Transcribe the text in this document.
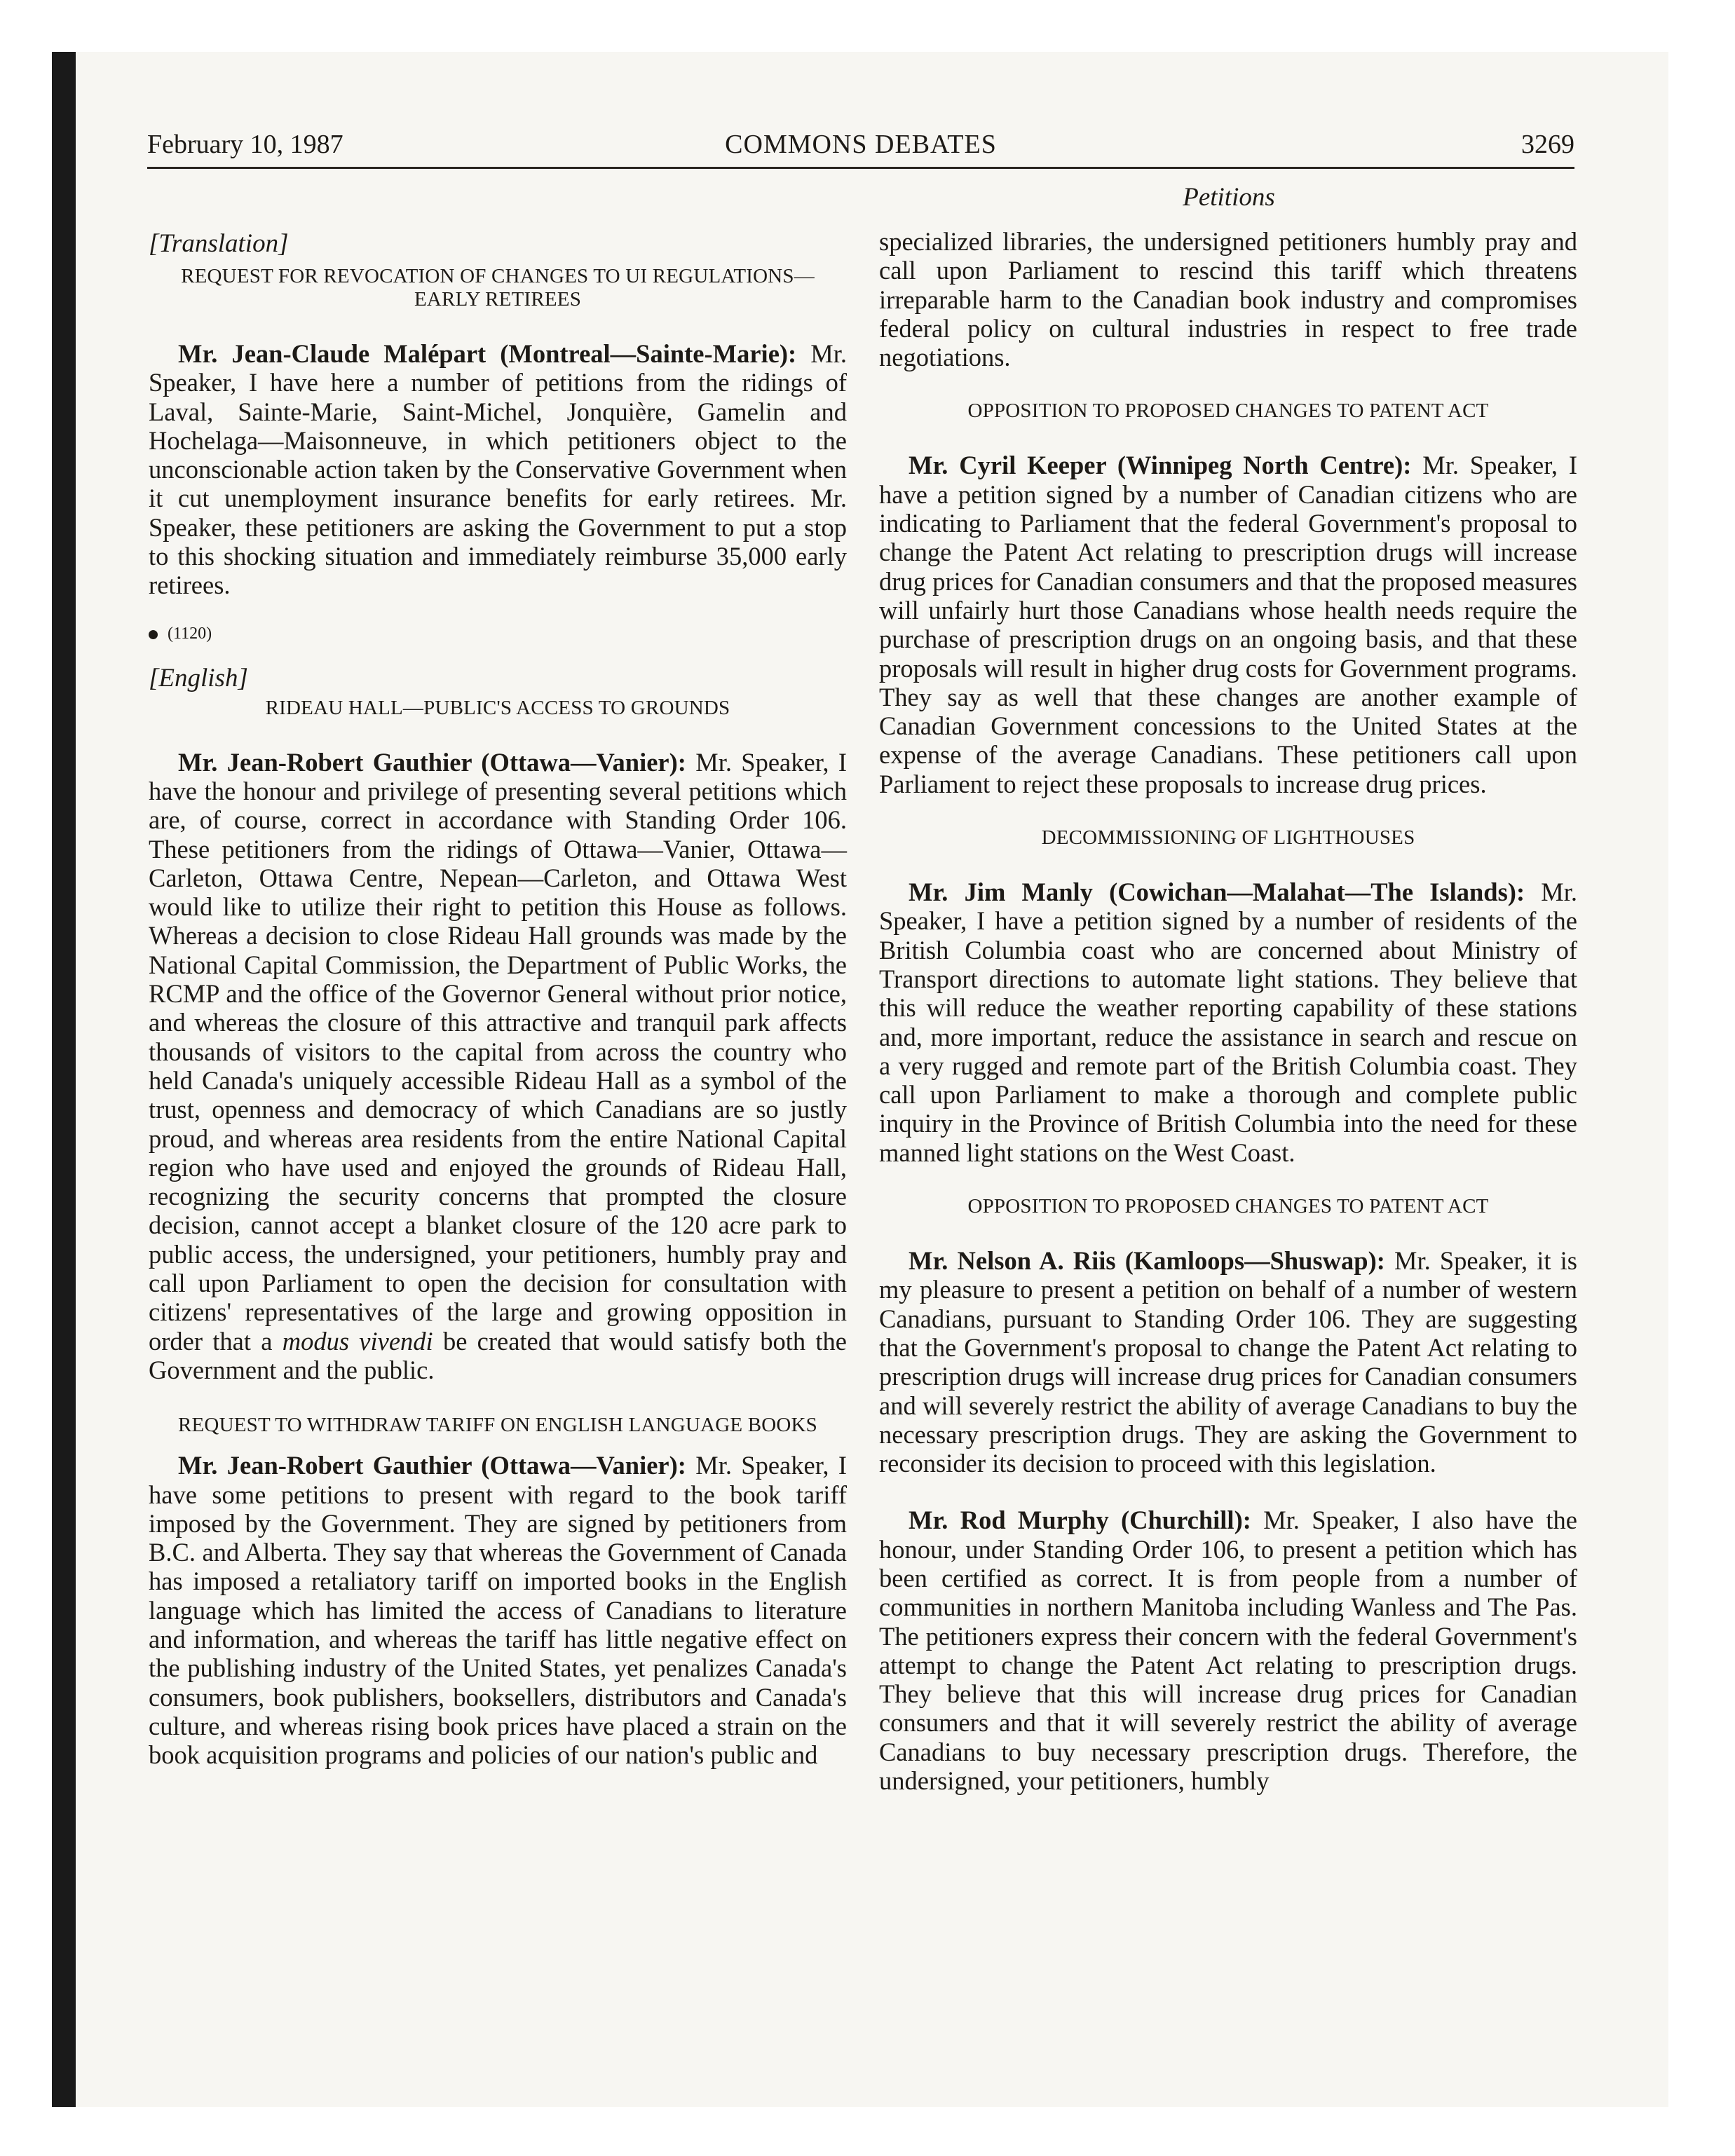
February 10, 1987	COMMONS DEBATES	3269
Petitions
[Translation]
REQUEST FOR REVOCATION OF CHANGES TO UI REGULATIONS— EARLY RETIREES

Mr. Jean-Claude Malépart (Montreal—Sainte-Marie): Mr. Speaker, I have here a number of petitions from the ridings of Laval, Sainte-Marie, Saint-Michel, Jonquière, Gamelin and Hochelaga—Maisonneuve, in which petitioners object to the unconscionable action taken by the Conservative Government when it cut unemployment insurance benefits for early retirees. Mr. Speaker, these petitioners are asking the Government to put a stop to this shocking situation and immediately reimburse 35,000 early retirees.

(1120)
[English]
RIDEAU HALL—PUBLIC'S ACCESS TO GROUNDS

Mr. Jean-Robert Gauthier (Ottawa—Vanier): Mr. Speaker, I have the honour and privilege of presenting several petitions which are, of course, correct in accordance with Standing Order 106. These petitioners from the ridings of Ottawa—Vanier, Ottawa—Carleton, Ottawa Centre, Nepean—Carleton, and Ottawa West would like to utilize their right to petition this House as follows. Whereas a decision to close Rideau Hall grounds was made by the National Capital Commission, the Department of Public Works, the RCMP and the office of the Governor General without prior notice, and whereas the closure of this attractive and tranquil park affects thousands of visitors to the capital from across the country who held Canada's uniquely accessible Rideau Hall as a symbol of the trust, openness and democracy of which Canadians are so justly proud, and whereas area residents from the entire National Capital region who have used and enjoyed the grounds of Rideau Hall, recognizing the security concerns that prompted the closure decision, cannot accept a blanket closure of the 120 acre park to public access, the undersigned, your petitioners, humbly pray and call upon Parliament to open the decision for consultation with citizens' representatives of the large and growing opposition in order that a modus vivendi be created that would satisfy both the Government and the public.

REQUEST TO WITHDRAW TARIFF ON ENGLISH LANGUAGE BOOKS

Mr. Jean-Robert Gauthier (Ottawa—Vanier): Mr. Speaker, I have some petitions to present with regard to the book tariff imposed by the Government. They are signed by petitioners from B.C. and Alberta. They say that whereas the Government of Canada has imposed a retaliatory tariff on imported books in the English language which has limited the access of Canadians to literature and information, and whereas the tariff has little negative effect on the publishing industry of the United States, yet penalizes Canada's consumers, book publishers, booksellers, distributors and Canada's culture, and whereas rising book prices have placed a strain on the book acquisition programs and policies of our nation's public and

specialized libraries, the undersigned petitioners humbly pray and call upon Parliament to rescind this tariff which threatens irreparable harm to the Canadian book industry and compromises federal policy on cultural industries in respect to free trade negotiations.

OPPOSITION TO PROPOSED CHANGES TO PATENT ACT

Mr. Cyril Keeper (Winnipeg North Centre): Mr. Speaker, I have a petition signed by a number of Canadian citizens who are indicating to Parliament that the federal Government's proposal to change the Patent Act relating to prescription drugs will increase drug prices for Canadian consumers and that the proposed measures will unfairly hurt those Canadians whose health needs require the purchase of prescription drugs on an ongoing basis, and that these proposals will result in higher drug costs for Government programs. They say as well that these changes are another example of Canadian Government concessions to the United States at the expense of the average Canadians. These petitioners call upon Parliament to reject these proposals to increase drug prices.

DECOMMISSIONING OF LIGHTHOUSES

Mr. Jim Manly (Cowichan—Malahat—The Islands): Mr. Speaker, I have a petition signed by a number of residents of the British Columbia coast who are concerned about Ministry of Transport directions to automate light stations. They believe that this will reduce the weather reporting capability of these stations and, more important, reduce the assistance in search and rescue on a very rugged and remote part of the British Columbia coast. They call upon Parliament to make a thorough and complete public inquiry in the Province of British Columbia into the need for these manned light stations on the West Coast.

OPPOSITION TO PROPOSED CHANGES TO PATENT ACT

Mr. Nelson A. Riis (Kamloops—Shuswap): Mr. Speaker, it is my pleasure to present a petition on behalf of a number of western Canadians, pursuant to Standing Order 106. They are suggesting that the Government's proposal to change the Patent Act relating to prescription drugs will increase drug prices for Canadian consumers and will severely restrict the ability of average Canadians to buy the necessary prescription drugs. They are asking the Government to reconsider its decision to proceed with this legislation.

Mr. Rod Murphy (Churchill): Mr. Speaker, I also have the honour, under Standing Order 106, to present a petition which has been certified as correct. It is from people from a number of communities in northern Manitoba including Wanless and The Pas. The petitioners express their concern with the federal Government's attempt to change the Patent Act relating to prescription drugs. They believe that this will increase drug prices for Canadian consumers and that it will severely restrict the ability of average Canadians to buy necessary prescription drugs. Therefore, the undersigned, your petitioners, humbly
